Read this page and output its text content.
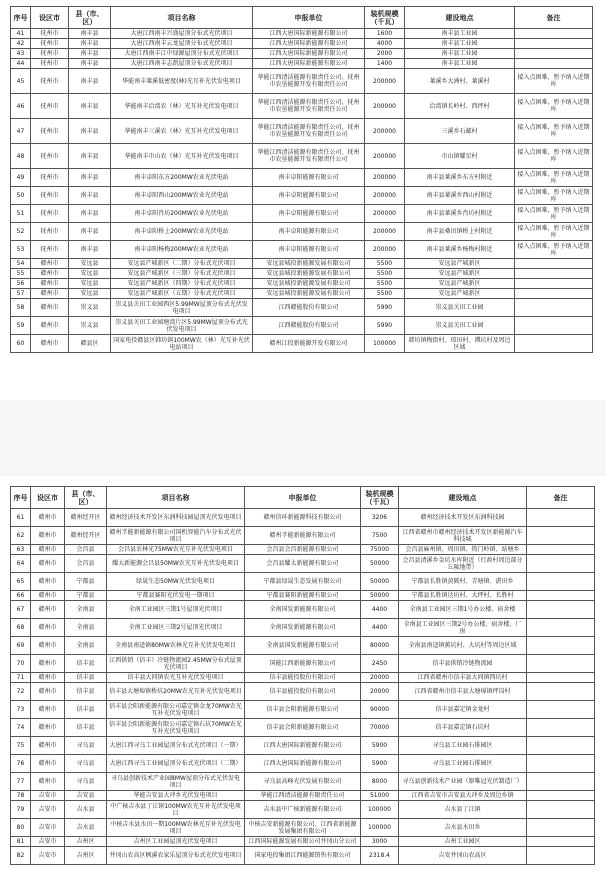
序号	设区市	县（市、区）	项目名称	申报单位	装机规模（千瓦）	建设地点	备注
41	抚州市	南丰县	大唐江西南丰兴盛屋顶分布式光伏项目	江西大唐国际新能源有限公司	1600	南丰县工业园	
42	抚州市	南丰县	大唐江西南丰云龙屋顶分布式光伏项目	江西大唐国际新能源有限公司	4000	南丰县工业园	
43	抚州市	南丰县	大唐江西南丰江中绿源屋顶分布式光伏项目	江西大唐国际新能源有限公司	2000	南丰县工业园	
44	抚州市	南丰县	大唐江西南丰志凯屋顶分布式光伏项目	江西大唐国际新能源有限公司	1400	南丰县工业园	
45	抚州市	南丰县	华能南丰莱溪低密度(林)光互补光伏发电项目	华能江西清洁能源有限责任公司、抚州市农垦能源开发有限责任公司	200000	莱溪乡大洲村、莱溪村	接入点困难，暂予纳入近期库
46	抚州市	南丰县	华能南丰洽湾农（林）光互补光伏发电项目	华能江西清洁能源有限责任公司、抚州市农垦能源开发有限责任公司	200000	洽湾镇长岭村、西坪村	接入点困难，暂予纳入近期库
47	抚州市	南丰县	华能南丰三溪农（林）光互补光伏发电项目	华能江西清洁能源有限责任公司、抚州市农垦能源开发有限责任公司	200000	三溪乡石邮村	接入点困难，暂予纳入近期库
48	抚州市	南丰县	华能南丰市山农（林）光互补光伏发电项目	华能江西清洁能源有限责任公司、抚州市农垦能源开发有限责任公司	200000	市山镇耀星村	接入点困难，暂予纳入近期库
49	抚州市	南丰县	南丰卓阳东方200MW农业光伏电站	南丰卓阳能源有限公司	200000	南丰县莱溪乡东方村附近	接入点困难，暂予纳入近期库
50	抚州市	南丰县	南丰卓阳西山200MW农业光伏电站	南丰卓阳能源有限公司	200000	南丰县莱溪乡西山村附近	接入点困难，暂予纳入近期库
51	抚州市	南丰县	南丰卓阳肖坊200MW农业光伏电站	南丰卓阳能源有限公司	200000	南丰县莱溪乡肖坊村附近	接入点困难，暂予纳入近期库
52	抚州市	南丰县	南丰卓阳桥上200MW农业光伏电站	南丰卓阳能源有限公司	200000	南丰县桑田镇桥上村附近	接入点困难，暂予纳入近期库
53	抚州市	南丰县	南丰卓阳杨梅200MW农业光伏电站	南丰卓阳能源有限公司	200000	南丰县莱溪乡杨梅村附近	接入点困难，暂予纳入近期库
54	赣州市	安远县	安远县产城新区（二期）分布式光伏项目	安远县城投新能源发展有限公司	5500	安远县产城新区	
55	赣州市	安远县	安远县产城新区（三期）分布式光伏项目	安远县城投新能源发展有限公司	5500	安远县产城新区	
56	赣州市	安远县	安远县产城新区（四期）分布式光伏项目	安远县城投新能源发展有限公司	5500	安远县产城新区	
57	赣州市	安远县	安远县产城新区（五期）分布式光伏项目	安远县城投新能源发展有限公司	5500	安远县产城新区	
58	赣州市	崇义县	崇义县关田工业园西区5.99MW屋顶分布式光伏发电项目	江西赣能股份有限公司	5990	崇义县关田工业园	
59	赣州市	崇义县	崇义县关田工业园塘湾片区5.99MW屋顶分布式光伏发电项目	江西赣能股份有限公司	5990	崇义县关田工业园	
60	赣州市	赣县区	国家电投赣县区韩坊镇100MW农（林）光互补光伏电站项目	赣州江投新能源开发有限公司	100000	韩坊镇梅街村、琼田村、潭坑村及周边区域	
序号	设区市	县（市、区）	项目名称	申报单位	装机规模（千瓦）	建设地点	备注
61	赣州市	赣州经开区	赣州经济技术开发区东润科技园屋顶光伏发电项目	赣州信环新能源科技有限公司	3206	赣州经济技术开发区东润科技园	
62	赣州市	赣州经开区	赣州孚能新能源有限公司国机智能汽车分布式光伏项目	赣州孚能新能源有限公司	7500	江西省赣州市赣州经济技术开发区新能源汽车科技城	
63	赣州市	会昌县	会昌县农林光75MW农光互补光伏发电项目	会昌县会昌新能源有限公司	75000	会昌县麻州镇、周田镇、筠门岭镇、站塘乡	
64	赣州市	会昌县	耀太新能源会昌县50MW农光互补光伏发电项目	会昌县耀太新能源有限公司	50000	会昌县清溪乡金坑水库附近（行政村周边部分丘陵地带）	
65	赣州市	宁都县	绿晟生态50MW光伏发电项目	宁都县绿晟生态发展有限公司	50000	宁都县长胜镇黄陂村、青塘镇、湛田乡	
66	赣州市	宁都县	宁都县赛阳光伏发电一期项目	宁都县赛阳新能源有限公司	50000	宁都县长胜镇达坊村、大坪村、长胜村	
67	赣州市	全南县	全南工业园区三期1号屋顶光伏项目	全南国发新能源有限公司	4400	全南县工业园区三期1号办公楼、宿舍楼	
68	赣州市	全南县	全南工业园区三期2号屋顶光伏项目	全南国发新能源有限公司	4400	全南县工业园区三期2号办公楼、宿舍楼、厂房	
69	赣州市	全南县	全南县南迳镇80MW农林光互补光伏发电项目	全南县国发新能源有限公司	80000	全南县南迳镇蕉坑村、大坑村等周边区域	
70	赣州市	信丰县	江西供销（信丰）冷链物流园2.45MW分布式屋顶光伏项目	国能江西新能源有限公司	2450	信丰县供销冷链物流园	
71	赣州市	信丰县	信丰县大同镇农光互补光伏发电项目	信丰县能投股份有限公司	20000	江西省赣州市信丰县大同镇西坑村	
72	赣州市	信丰县	信丰县大塘埠镇桥坑20MW农光互补光伏发电项目	信丰县能投股份有限公司	20000	江西省赣州市信丰县大塘埠镇坪岗村	
73	赣州市	信丰县	信丰县会阳新能源有限公司嘉定镇金龙70MW农光互补光伏发电项目	信丰县会阳新能源有限公司	90000	信丰县嘉定镇金龙村	
74	赣州市	信丰县	信丰县会阳新能源有限公司嘉定镇石坑70MW农光互补光伏发电项目	信丰县会阳新能源有限公司	70000	信丰县嘉定镇石坑村	
75	赣州市	寻乌县	大唐江西寻乌工业园屋顶分布式光伏项目（一期）	江西大唐国际新能源有限公司	5900	寻乌县工业园石排园区	
76	赣州市	寻乌县	大唐江西寻乌工业园屋顶分布式光伏项目（二期）	江西大唐国际新能源有限公司	5900	寻乌县工业园石排园区	
77	赣州市	寻乌县	寻乌县创新技术产业园8MW屋顶分布式光伏发电项目	寻乌县高峰光伏发展有限公司	8000	寻乌县创新技术产业园（原唯冠光伏制造厂）	
78	吉安市	吉安县	华能吉安县大冲乡光伏发电项目	华能江西清洁能源有限责任公司	51000	江西省吉安市吉安县大冲乡及周边乡镇	
79	吉安市	吉水县	中广核吉水县丁江镇100MW农光互补光伏发电项目	吉水县中广核新能源有限公司	100000	吉水县丁江镇	
80	吉安市	吉水县	中核吉水县水田一期100MW农林光互补光伏发电项目	中核吉安新能源有限公司、江西省新能源发展集团有限公司	100000	吉水县水田乡	
81	吉安市	吉州区	吉州区工业园屋顶光伏发电项目	江西国际能源发展有限公司井冈山分公司	3000	吉州工业园区	
82	吉安市	吉州区	井冈山农高区枫溪农家乐屋顶分布式光伏发电项目	国家电投集团江西能源销售有限公司	2318.4	吉安井冈山农高区	
